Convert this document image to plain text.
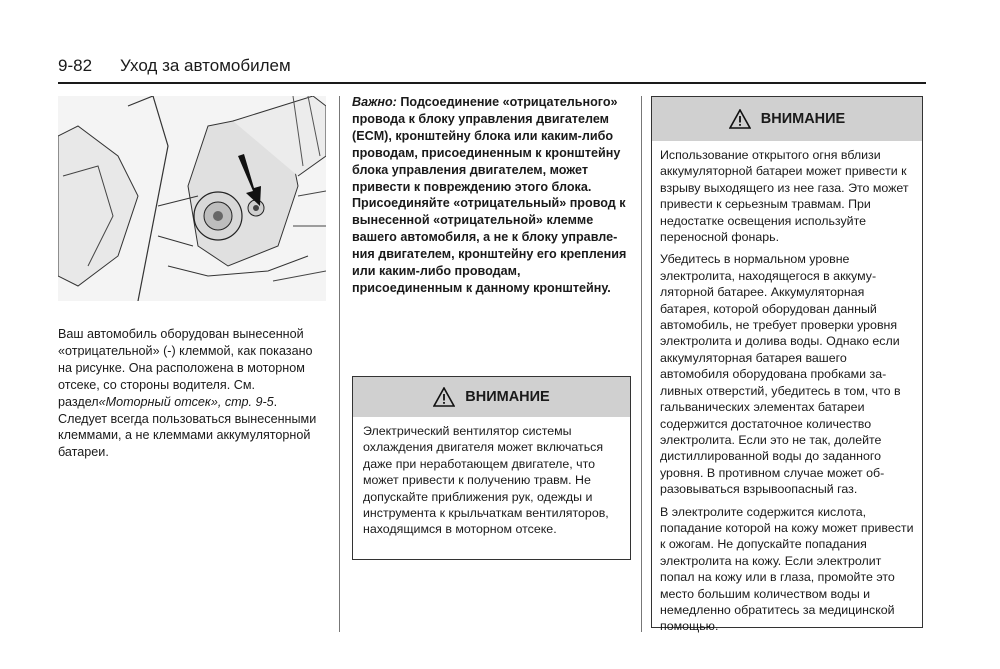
9-82 Уход за автомобилем

Ваш автомобиль оборудован вынесенной «отрицательной» (-) клеммой, как показано на рисунке. Она расположена в моторном отсеке, со стороны водителя. См. раздел«Моторный отсек», стр. 9-5. Следует всегда пользоваться вынесенными клеммами, а не клеммами аккумуляторной батареи.

Важно: Подсоединение «отрицательного» провода к блоку управления двигателем (ECM), кронштейну блока или каким-либо проводам, присоединенным к кронштейну блока управления двигателем, может привести к повреждению этого блока. Присоединяйте «отрицательный» провод к вынесенной «отрицательной» клемме вашего автомобиля, а не к блоку управления двигателем, кронштейну его крепления или каким-либо проводам, присоединенным к данному кронштейну.
ВНИМАНИЕ

Электрический вентилятор системы охлаждения двигателя может включаться даже при неработающем двигателе, что может привести к получению травм. Не допускайте приближения рук, одежды и инструмента к крыльчаткам вентиляторов, находящимся в моторном отсеке.

ВНИМАНИЕ

Использование открытого огня вблизи аккумуляторной батареи может привести к взрыву выходящего из нее газа. Это может привести к серьезным травмам. При недостатке освещения используйте переносной фонарь.

Убедитесь в нормальном уровне электролита, находящегося в аккумуляторной батарее. Аккумуляторная батарея, которой оборудован данный автомобиль, не требует проверки уровня электролита и долива воды. Однако если аккумуляторная батарея вашего автомобиля оборудована пробками заливных отверстий, убедитесь в том, что в гальванических элементах батареи содержится достаточное количество электролита. Если это не так, долейте дистиллированной воды до заданного уровня. В противном случае может образовываться взрывоопасный газ.

В электролите содержится кислота, попадание которой на кожу может привести к ожогам. Не допускайте попадания электролита на кожу. Если электролит попал на кожу или в глаза, промойте это место большим количеством воды и немедленно обратитесь за медицинской помощью.
